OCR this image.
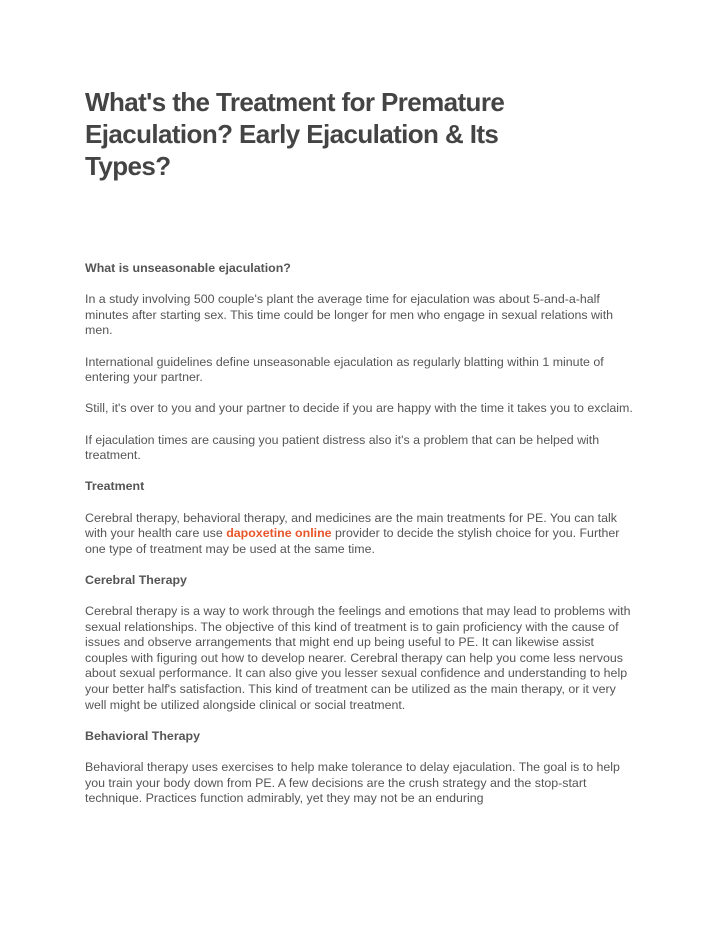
What's the Treatment for Premature Ejaculation? Early Ejaculation & Its Types?

What is unseasonable ejaculation?

In a study involving 500 couple's plant the average time for ejaculation was about 5-and-a-half minutes after starting sex. This time could be longer for men who engage in sexual relations with men.

International guidelines define unseasonable ejaculation as regularly blatting within 1 minute of entering your partner.

Still, it's over to you and your partner to decide if you are happy with the time it takes you to exclaim.

If ejaculation times are causing you patient distress also it's a problem that can be helped with treatment.

Treatment

Cerebral therapy, behavioral therapy, and medicines are the main treatments for PE. You can talk with your health care use dapoxetine online provider to decide the stylish choice for you. Further one type of treatment may be used at the same time.

Cerebral Therapy

Cerebral therapy is a way to work through the feelings and emotions that may lead to problems with sexual relationships. The objective of this kind of treatment is to gain proficiency with the cause of issues and observe arrangements that might end up being useful to PE. It can likewise assist couples with figuring out how to develop nearer. Cerebral therapy can help you come less nervous about sexual performance. It can also give you lesser sexual confidence and understanding to help your better half's satisfaction. This kind of treatment can be utilized as the main therapy, or it very well might be utilized alongside clinical or social treatment.

Behavioral Therapy

Behavioral therapy uses exercises to help make tolerance to delay ejaculation. The goal is to help you train your body down from PE. A few decisions are the crush strategy and the stop-start technique. Practices function admirably, yet they may not be an enduring
